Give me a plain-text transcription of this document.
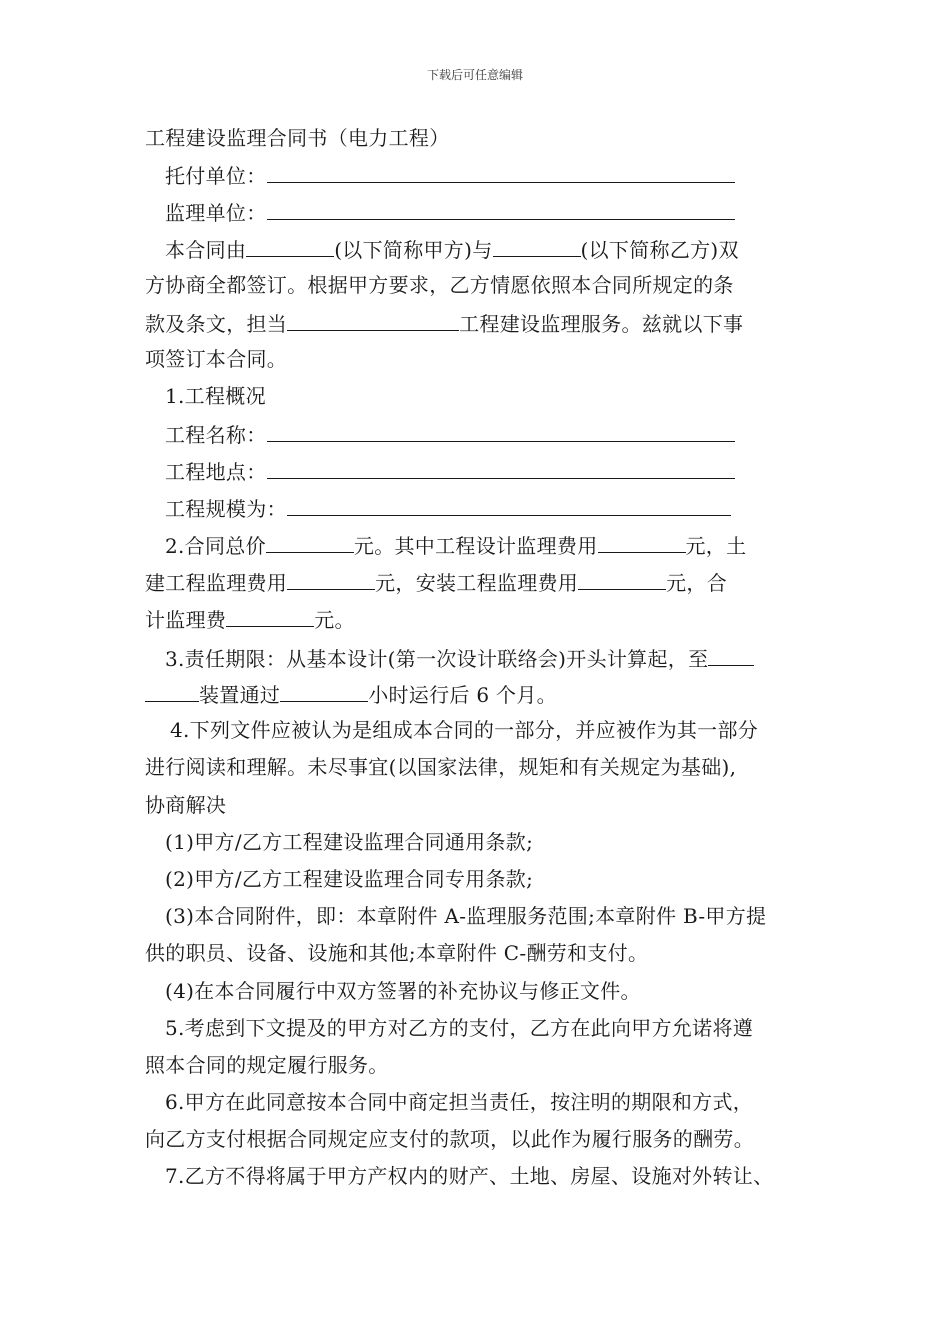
下载后可任意编辑
工程建设监理合同书（电力工程）
托付单位：
监理单位：
本合同由	(以下简称甲方)与	(以下简称乙方)双
方协商全都签订。根据甲方要求，乙方情愿依照本合同所规定的条
款及条文，担当	工程建设监理服务。兹就以下事
项签订本合同。
1.工程概况
工程名称：
工程地点：
工程规模为：
2.合同总价	元。其中工程设计监理费用	元，土
建工程监理费用	元，安装工程监理费用	元，合
计监理费	元。
3.责任期限：从基本设计(第一次设计联络会)开头计算起，至
装置通过	小时运行后 6 个月。
4.下列文件应被认为是组成本合同的一部分，并应被作为其一部分
进行阅读和理解。未尽事宜(以国家法律，规矩和有关规定为基础),
协商解决
(1)甲方/乙方工程建设监理合同通用条款;
(2)甲方/乙方工程建设监理合同专用条款;
(3)本合同附件，即：本章附件 A-监理服务范围;本章附件 B-甲方提
供的职员、设备、设施和其他;本章附件 C-酬劳和支付。
(4)在本合同履行中双方签署的补充协议与修正文件。
5.考虑到下文提及的甲方对乙方的支付，乙方在此向甲方允诺将遵
照本合同的规定履行服务。
6.甲方在此同意按本合同中商定担当责任，按注明的期限和方式，
向乙方支付根据合同规定应支付的款项，以此作为履行服务的酬劳。
7.乙方不得将属于甲方产权内的财产、土地、房屋、设施对外转让、
